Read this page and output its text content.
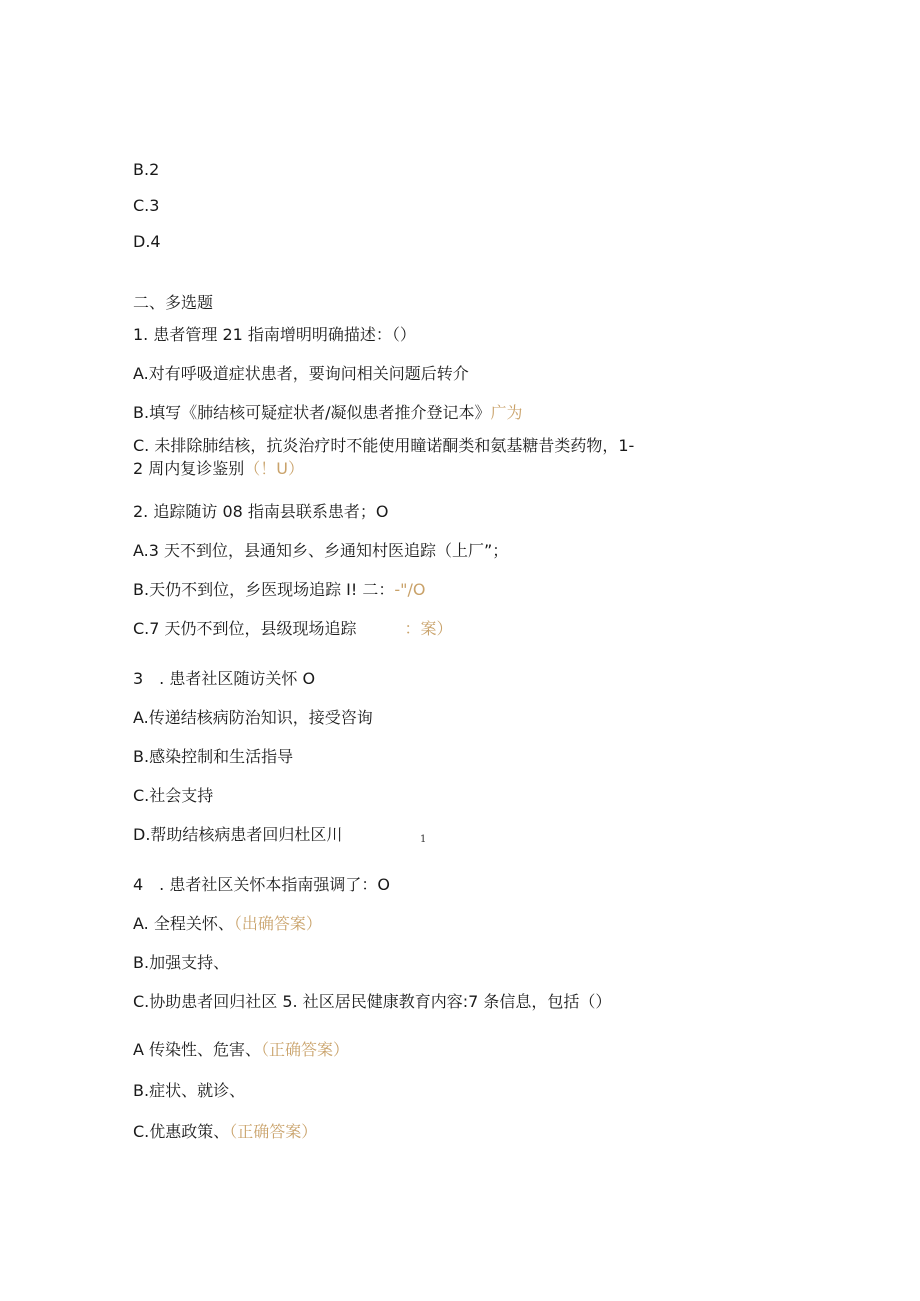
B.2
C.3
D.4
二、多选题
1. 患者管理 21 指南增明明确描述：（）
A.对有呼吸道症状患者，要询问相关问题后转介
B.填写《肺结核可疑症状者/凝似患者推介登记本》广为
C. 未排除肺结核，抗炎治疗时不能使用瞳诺酮类和氨基糖昔类药物，1-
2 周内复诊鉴别（！U）
2. 追踪随访 08 指南县联系患者；O
A.3 天不到位，县通知乡、乡通知村医追踪（上厂”；
B.天仍不到位，乡医现场追踪 I! 二：-"/O
C.7 天仍不到位，县级现场追踪	：案）
3　. 患者社区随访关怀 O
A.传递结核病防治知识，接受咨询
B.感染控制和生活指导
C.社会支持
D.帮助结核病患者回归杜区川	1
4　. 患者社区关怀本指南强调了：O
A. 全程关怀、（出确答案）
B.加强支持、
C.协助患者回归社区 5. 社区居民健康教育内容:7 条信息，包括（）
A 传染性、危害、（正确答案）
B.症状、就诊、
C.优惠政策、（正确答案）
